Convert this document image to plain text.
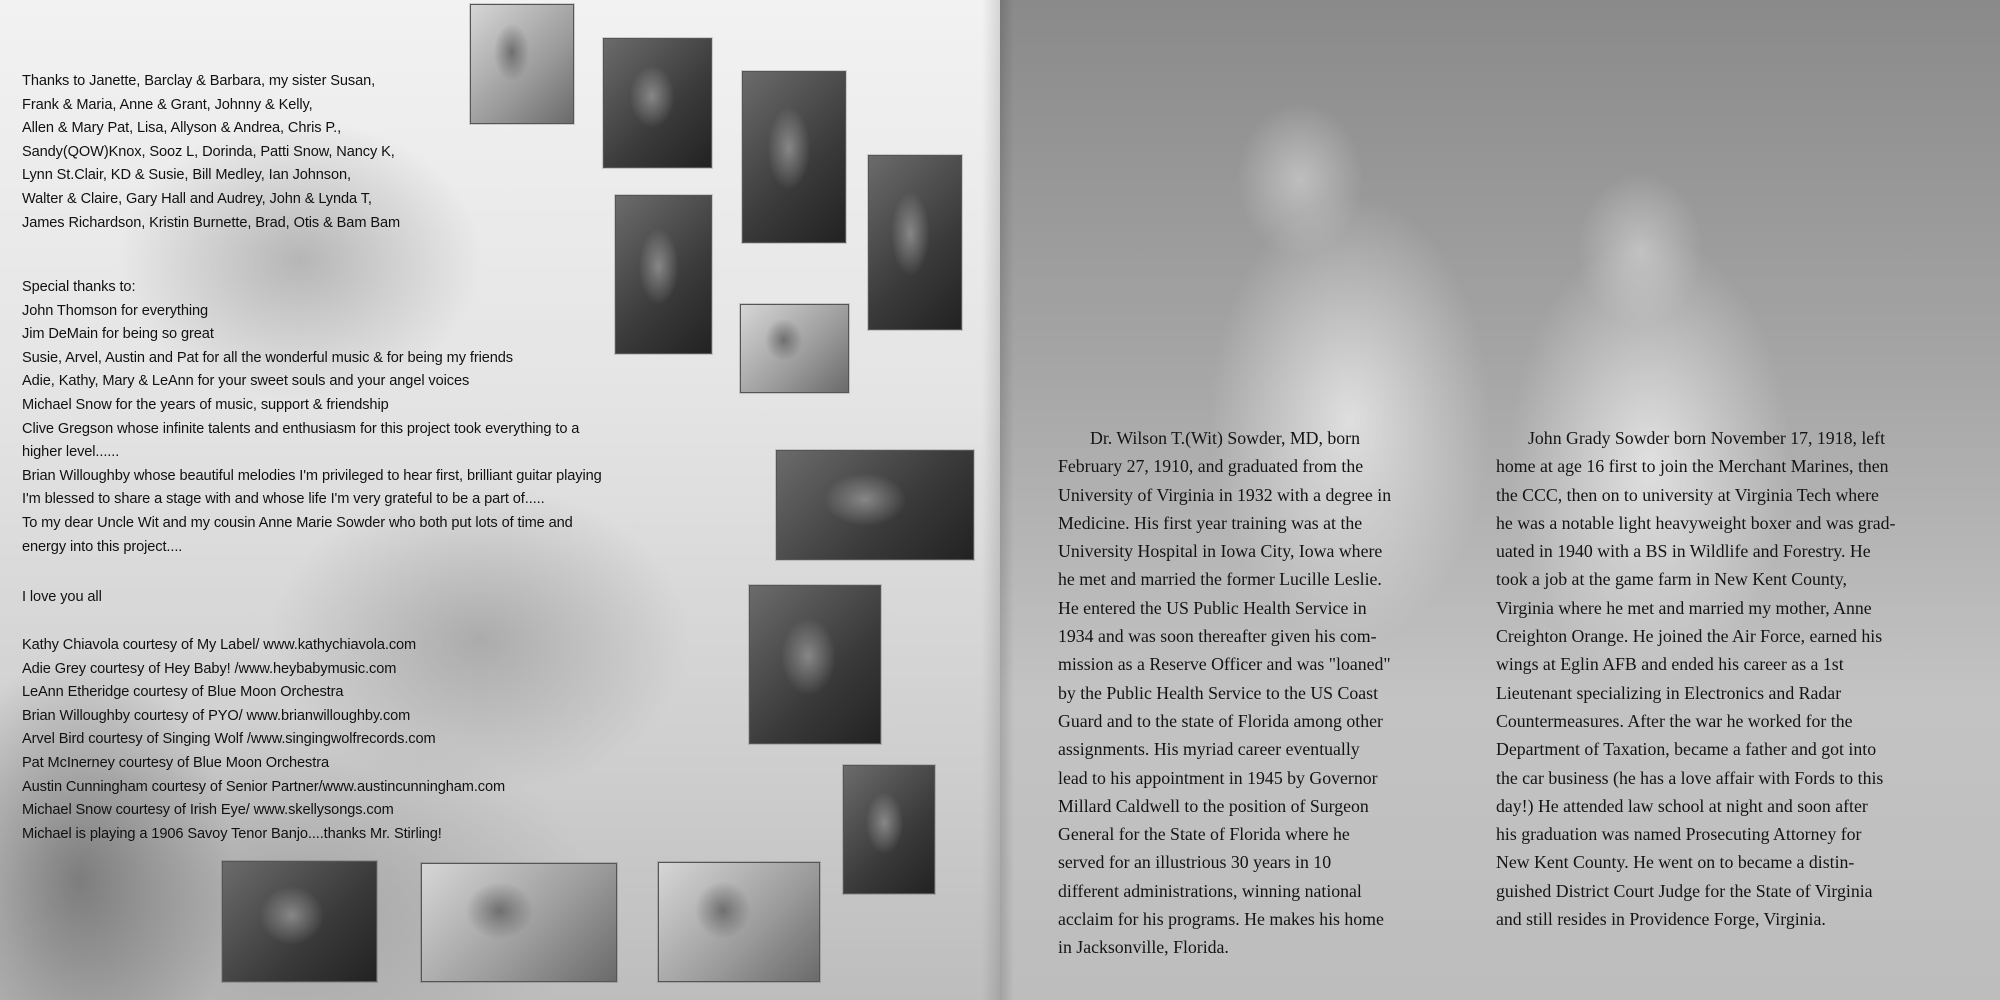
Thanks to Janette, Barclay & Barbara, my sister Susan,
Frank & Maria, Anne & Grant, Johnny & Kelly,
Allen & Mary Pat, Lisa, Allyson & Andrea, Chris P.,
Sandy(QOW)Knox, Sooz L, Dorinda, Patti Snow, Nancy K,
Lynn St.Clair, KD & Susie, Bill Medley, Ian Johnson,
Walter & Claire, Gary Hall and Audrey, John & Lynda T,
James Richardson, Kristin Burnette, Brad, Otis & Bam Bam
Special thanks to:
John Thomson for everything
Jim DeMain for being so great
Susie, Arvel, Austin and Pat for all the wonderful music & for being my friends
Adie, Kathy, Mary & LeAnn for your sweet souls and your angel voices
Michael Snow for the years of music, support & friendship
Clive Gregson whose infinite talents and enthusiasm for this project took everything to a
higher level......
Brian Willoughby whose beautiful melodies I'm privileged to hear first, brilliant guitar playing
I'm blessed to share a stage with and whose life I'm very grateful to be a part of.....
To my dear Uncle Wit and my cousin Anne Marie Sowder who both put lots of time and
energy into this project....
I love you all
Kathy Chiavola courtesy of My Label/ www.kathychiavola.com
Adie Grey courtesy of Hey Baby! /www.heybabymusic.com
LeAnn Etheridge courtesy of Blue Moon Orchestra
Brian Willoughby courtesy of PYO/ www.brianwilloughby.com
Arvel Bird courtesy of Singing Wolf /www.singingwolfrecords.com
Pat McInerney courtesy of Blue Moon Orchestra
Austin Cunningham courtesy of Senior Partner/www.austincunningham.com
Michael Snow courtesy of Irish Eye/ www.skellysongs.com
Michael is playing a 1906 Savoy Tenor Banjo....thanks Mr. Stirling!
Dr. Wilson T.(Wit) Sowder, MD, born
February 27, 1910, and graduated from the
University of Virginia in 1932 with a degree in
Medicine. His first year training was at the
University Hospital in Iowa City, Iowa where
he met and married the former Lucille Leslie.
He entered the US Public Health Service in
1934 and was soon thereafter given his com-
mission as a Reserve Officer and was "loaned"
by the Public Health Service to the US Coast
Guard and to the state of Florida among other
assignments. His myriad career eventually
lead to his appointment in 1945 by Governor
Millard Caldwell to the position of Surgeon
General for the State of Florida where he
served for an illustrious 30 years in 10
different administrations, winning national
acclaim for his programs. He makes his home
in Jacksonville, Florida.
John Grady Sowder born November 17, 1918, left
home at age 16 first to join the Merchant Marines, then
the CCC, then on to university at Virginia Tech where
he was a notable light heavyweight boxer and was grad-
uated in 1940 with a BS in Wildlife and Forestry. He
took a job at the game farm in New Kent County,
Virginia where he met and married my mother, Anne
Creighton Orange. He joined the Air Force, earned his
wings at Eglin AFB and ended his career as a 1st
Lieutenant specializing in Electronics and Radar
Countermeasures. After the war he worked for the
Department of Taxation, became a father and got into
the car business (he has a love affair with Fords to this
day!) He attended law school at night and soon after
his graduation was named Prosecuting Attorney for
New Kent County. He went on to became a distin-
guished District Court Judge for the State of Virginia
and still resides in Providence Forge, Virginia.
